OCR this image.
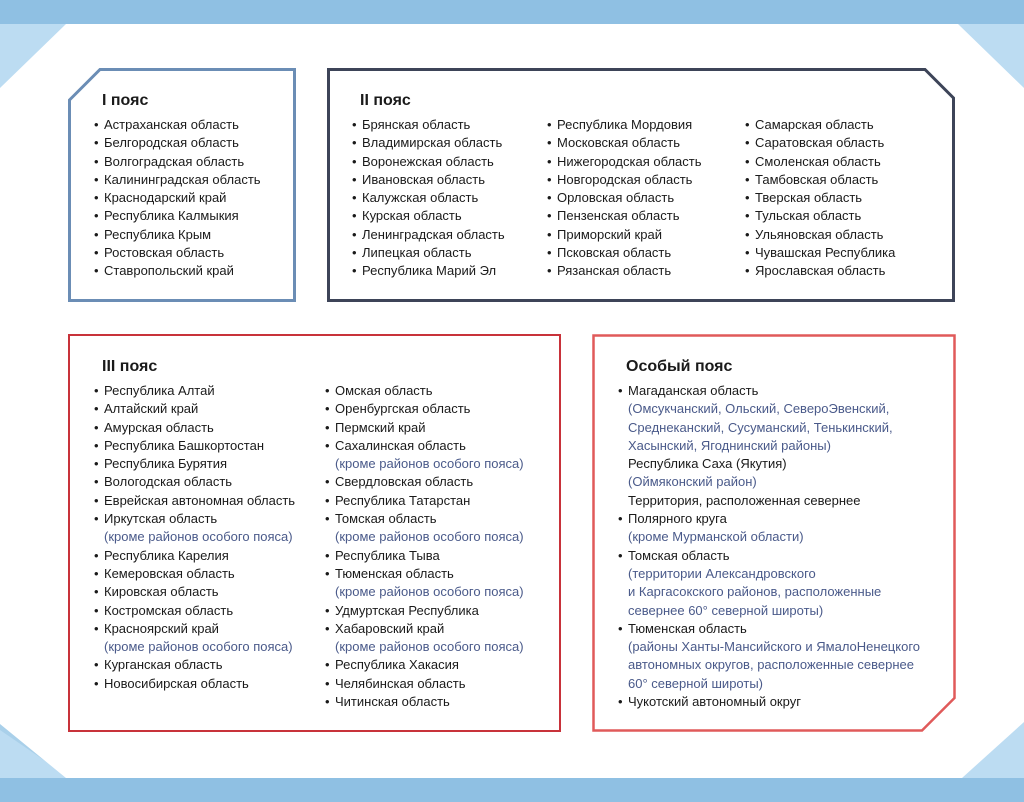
I пояс
• Астраханская область
• Белгородская область
• Волгоградская область
• Калининградская область
• Краснодарский край
• Республика Калмыкия
• Республика Крым
• Ростовская область
• Ставропольский край
II пояс
• Брянская область
• Владимирская область
• Воронежская область
• Ивановская область
• Калужская область
• Курская область
• Ленинградская область
• Липецкая область
• Республика Марий Эл
• Республика Мордовия
• Московская область
• Нижегородская область
• Новгородская область
• Орловская область
• Пензенская область
• Приморский край
• Псковская область
• Рязанская область
• Самарская область
• Саратовская область
• Смоленская область
• Тамбовская область
• Тверская область
• Тульская область
• Ульяновская область
• Чувашская Республика
• Ярославская область
III пояс
• Республика Алтай
• Алтайский край
• Амурская область
• Республика Башкортостан
• Республика Бурятия
• Вологодская область
• Еврейская автономная область
• Иркутская область
(кроме районов особого пояса)
• Республика Карелия
• Кемеровская область
• Кировская область
• Костромская область
• Красноярский край
(кроме районов особого пояса)
• Курганская область
• Новосибирская область
• Омская область
• Оренбургская область
• Пермский край
• Сахалинская область
(кроме районов особого пояса)
• Свердловская область
• Республика Татарстан
• Томская область
(кроме районов особого пояса)
• Республика Тыва
• Тюменская область
(кроме районов особого пояса)
• Удмуртская Республика
• Хабаровский край
(кроме районов особого пояса)
• Республика Хакасия
• Челябинская область
• Читинская область
Особый пояс
• Магаданская область
(Омсукчанский, Ольский, СевероЭвенский,
Среднеканский, Сусуманский, Тенькинский,
Хасынский, Ягоднинский районы)
Республика Саха (Якутия)
(Оймяконский район)
Территория, расположенная севернее
• Полярного круга
(кроме Мурманской области)
• Томская область
(территории Александровского
и Каргасокского районов, расположенные
севернее 60° северной широты)
• Тюменская область
(районы Ханты-Мансийского и ЯмалоНенецкого
автономных округов, расположенные севернее
60° северной широты)
• Чукотский автономный округ
